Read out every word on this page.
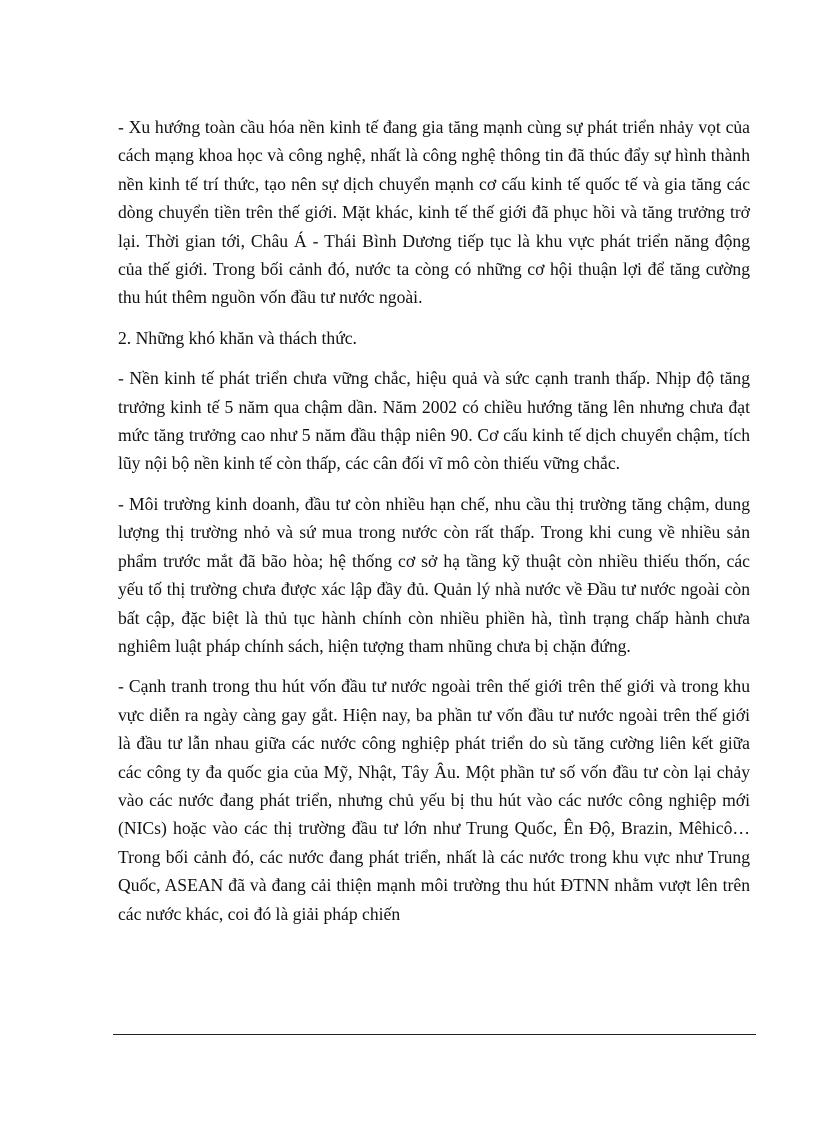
- Xu hướng toàn cầu hóa nền kinh tế đang gia tăng mạnh cùng sự phát triển nhảy vọt của cách mạng khoa học và công nghệ, nhất là công nghệ thông tin đã thúc đẩy sự hình thành nền kinh tế trí thức, tạo nên sự dịch chuyển mạnh cơ cấu kinh tế quốc tế và gia tăng các dòng chuyển tiền trên thế giới. Mặt khác, kinh tế thế giới đã phục hồi và tăng trưởng trở lại. Thời gian tới, Châu Á - Thái Bình Dương tiếp tục là khu vực phát triển năng động của thế giới. Trong bối cảnh đó, nước ta còng có những cơ hội thuận lợi để tăng cường thu hút thêm nguồn vốn đầu tư nước ngoài.

2. Những khó khăn và thách thức.

- Nền kinh tế phát triển chưa vững chắc, hiệu quả và sức cạnh tranh thấp. Nhịp độ tăng trưởng kinh tế 5 năm qua chậm dần. Năm 2002 có chiều hướng tăng lên nhưng chưa đạt mức tăng trưởng cao như 5 năm đầu thập niên 90. Cơ cấu kinh tế dịch chuyển chậm, tích lũy nội bộ nền kinh tế còn thấp, các cân đối vĩ mô còn thiếu vững chắc.

- Môi trường kinh doanh, đầu tư còn nhiều hạn chế, nhu cầu thị trường tăng chậm, dung lượng thị trường nhỏ và sứ mua trong nước còn rất thấp. Trong khi cung về nhiều sản phẩm trước mắt đã bão hòa; hệ thống cơ sở hạ tầng kỹ thuật còn nhiều thiếu thốn, các yếu tố thị trường chưa được xác lập đầy đủ. Quản lý nhà nước về Đầu tư nước ngoài còn bất cập, đặc biệt là thủ tục hành chính còn nhiều phiền hà, tình trạng chấp hành chưa nghiêm luật pháp chính sách, hiện tượng tham nhũng chưa bị chặn đứng.

- Cạnh tranh trong thu hút vốn đầu tư nước ngoài trên thế giới trên thế giới và trong khu vực diễn ra ngày càng gay gắt. Hiện nay, ba phần tư vốn đầu tư nước ngoài trên thế giới là đầu tư lẫn nhau giữa các nước công nghiệp phát triển do sù tăng cường liên kết giữa các công ty đa quốc gia của Mỹ, Nhật, Tây Âu. Một phần tư số vốn đầu tư còn lại chảy vào các nước đang phát triển, nhưng chủ yếu bị thu hút vào các nước công nghiệp mới (NICs) hoặc vào các thị trường đầu tư lớn như Trung Quốc, Ên Độ, Brazin, Mêhicô… Trong bối cảnh đó, các nước đang phát triển, nhất là các nước trong khu vực như Trung Quốc, ASEAN đã và đang cải thiện mạnh môi trường thu hút ĐTNN nhằm vượt lên trên các nước khác, coi đó là giải pháp chiến
